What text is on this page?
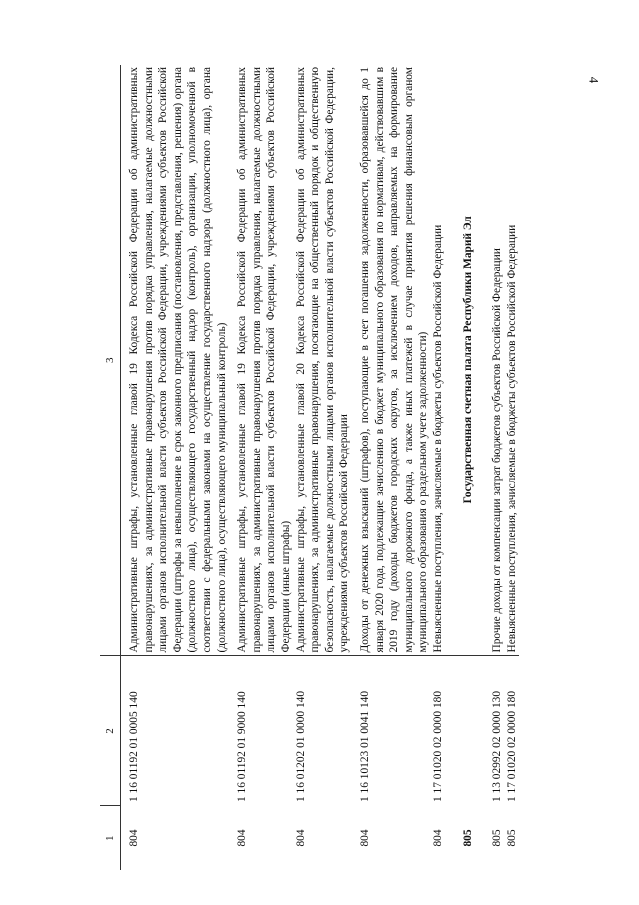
4
1	2	3
804	1 16 01192 01 0005 140	Административные штрафы, установленные главой 19 Кодекса Российской Федерации об административных правонарушениях, за административные правонарушения против порядка управления, налагаемые должностными лицами органов исполнительной власти субъектов Российской Федерации, учреждениями субъектов Российской Федерации (штрафы за невыполнение в срок законного предписания (постановления, представления, решения) органа (должностного лица), осуществляющего государственный надзор (контроль), организации, уполномоченной в соответствии с федеральными законами на осуществление государственного надзора (должностного лица), органа (должностного лица), осуществляющего муниципальный контроль)
804	1 16 01192 01 9000 140	Административные штрафы, установленные главой 19 Кодекса Российской Федерации об административных правонарушениях, за административные правонарушения против порядка управления, налагаемые должностными лицами органов исполнительной власти субъектов Российской Федерации, учреждениями субъектов Российской Федерации (иные штрафы)
804	1 16 01202 01 0000 140	Административные штрафы, установленные главой 20 Кодекса Российской Федерации об административных правонарушениях, за административные правонарушения, посягающие на общественный порядок и общественную безопасность, налагаемые должностными лицами органов исполнительной власти субъектов Российской Федерации, учреждениями субъектов Российской Федерации
804	1 16 10123 01 0041 140	Доходы от денежных взысканий (штрафов), поступающие в счет погашения задолженности, образовавшейся до 1 января 2020 года, подлежащие зачислению в бюджет муниципального образования по нормативам, действовавшим в 2019 году (доходы бюджетов городских округов, за исключением доходов, направляемых на формирование муниципального дорожного фонда, а также иных платежей в случае принятия решения финансовым органом муниципального образования о раздельном учете задолженности)
804	1 17 01020 02 0000 180	Невыясненные поступления, зачисляемые в бюджеты субъектов Российской Федерации
805		Государственная счетная палата Республики Марий Эл
805	1 13 02992 02 0000 130	Прочие доходы от компенсации затрат бюджетов субъектов Российской Федерации
805	1 17 01020 02 0000 180	Невыясненные поступления, зачисляемые в бюджеты субъектов Российской Федерации
